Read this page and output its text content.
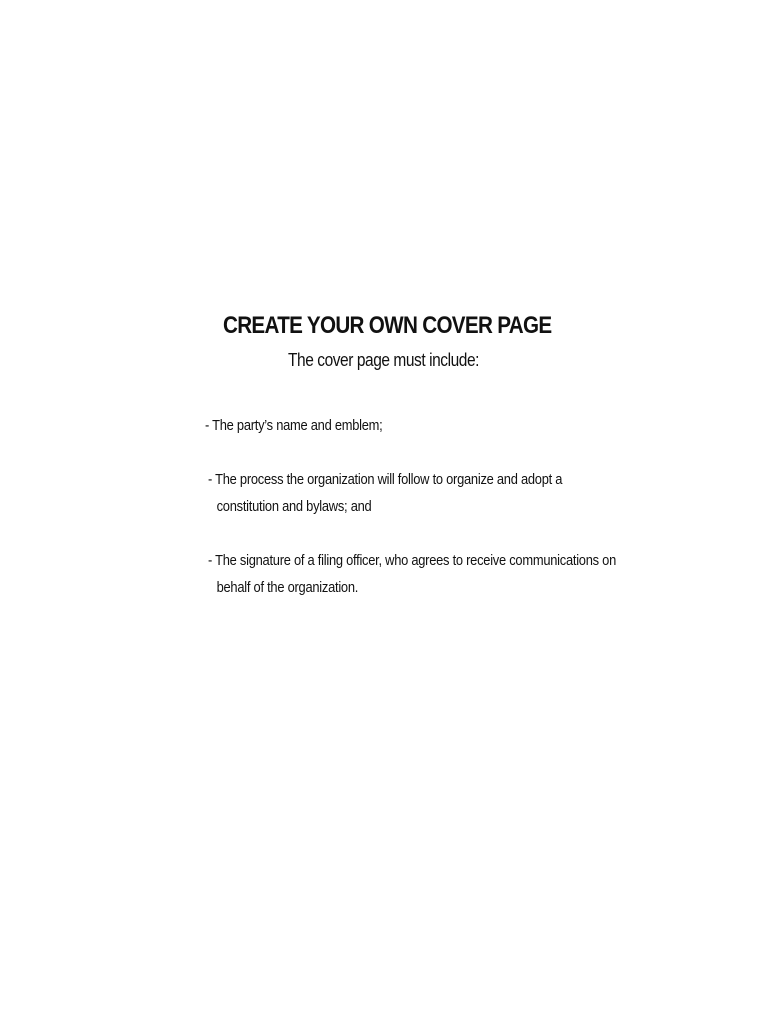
CREATE YOUR OWN COVER PAGE
The cover page must include:
- The party’s name and emblem;
- The process the organization will follow to organize and adopt a
constitution and bylaws; and
- The signature of a filing officer, who agrees to receive communications on
behalf of the organization.
